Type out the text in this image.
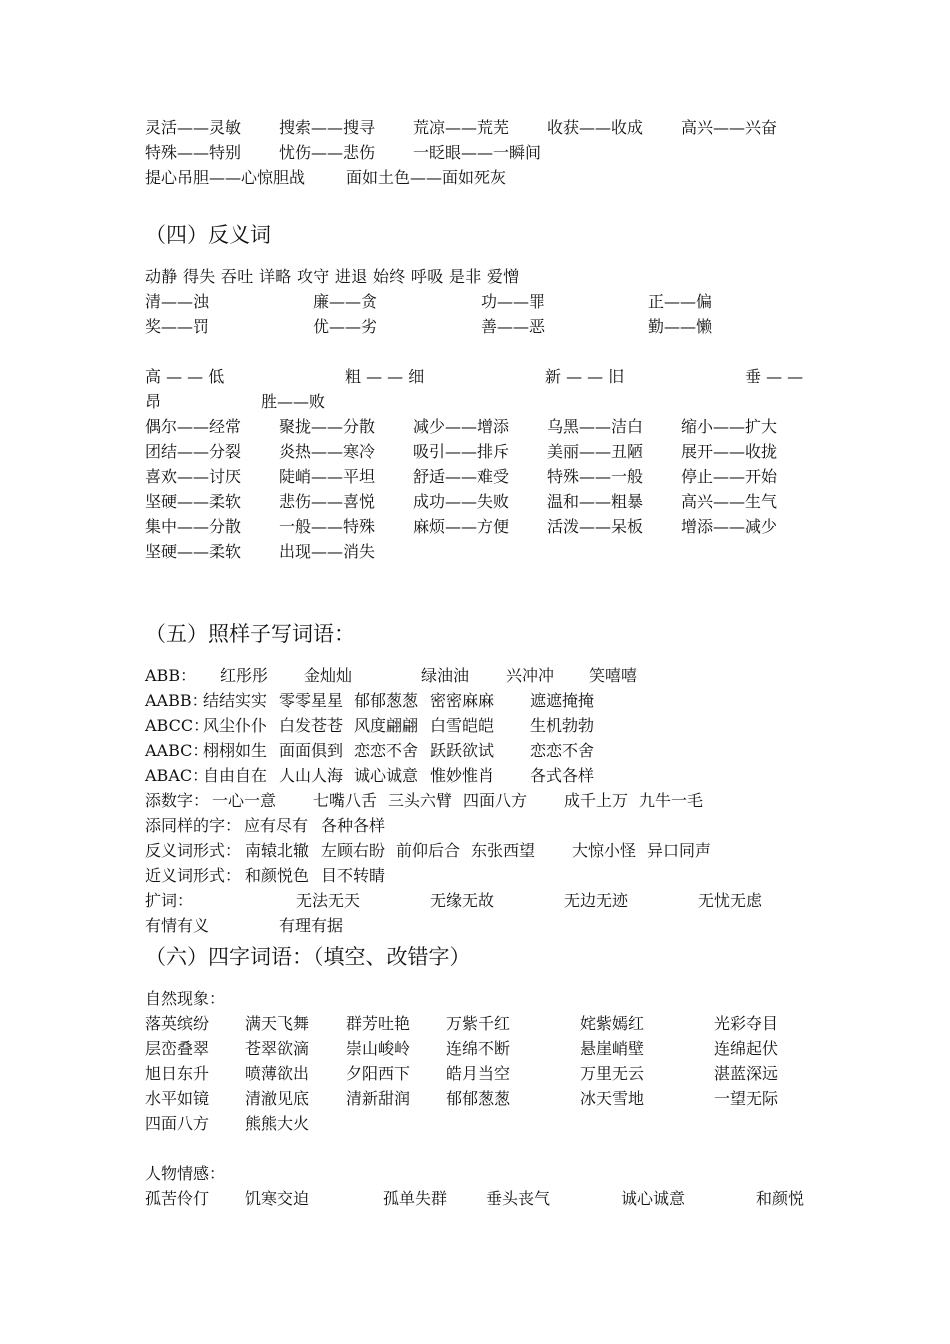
灵活——灵敏 搜索——搜寻 荒凉——荒芜 收获——收成 高兴——兴奋
特殊——特别 忧伤——悲伤 一眨眼——一瞬间
提心吊胆——心惊胆战	面如土色——面如死灰
（四）反义词
动静 得失 吞吐 详略 攻守 进退 始终 呼吸 是非 爱憎
清——浊	廉——贪	功——罪	正——偏
奖——罚	优——劣	善——恶	勤——懒
高 — — 低	粗 — — 细	新 — — 旧	垂 — —
昂	胜——败
偶尔——经常 聚拢——分散 减少——增添 乌黑——洁白 缩小——扩大
团结——分裂 炎热——寒冷 吸引——排斥 美丽——丑陋 展开——收拢
喜欢——讨厌 陡峭——平坦 舒适——难受 特殊——一般 停止——开始
坚硬——柔软 悲伤——喜悦 成功——失败 温和——粗暴 高兴——生气
集中——分散 一般——特殊 麻烦——方便 活泼——呆板 增添——减少
坚硬——柔软 出现——消失
（五）照样子写词语：
ABB： 红彤彤 金灿灿	绿油油 兴冲冲 笑嘻嘻
AABB：
结结实实 零零星星 郁郁葱葱 密密麻麻 遮遮掩掩
ABCC：
风尘仆仆 白发苍苍 风度翩翩 白雪皑皑 生机勃勃
AABC：
栩栩如生 面面俱到 恋恋不舍 跃跃欲试 恋恋不舍
ABAC：
自由自在 人山人海 诚心诚意 惟妙惟肖 各式各样
添数字： 一心一意 七嘴八舌 三头六臂 四面八方 成千上万 九牛一毛
添同样的字： 应有尽有 各种各样
反义词形式： 南辕北辙 左顾右盼 前仰后合 东张西望 大惊小怪 异口同声
近义词形式： 和颜悦色 目不转睛
扩词：	无法无天	无缘无故	无边无迹	无忧无虑
有情有义	有理有据
（六）四字词语：（填空、改错字）
自然现象：
落英缤纷 满天飞舞 群芳吐艳 万紫千红	姹紫嫣红	光彩夺目
层峦叠翠 苍翠欲滴 崇山峻岭 连绵不断	悬崖峭壁	连绵起伏
旭日东升 喷薄欲出 夕阳西下 皓月当空	万里无云	湛蓝深远
水平如镜 清澈见底 清新甜润 郁郁葱葱	冰天雪地	一望无际
四面八方 熊熊大火
人物情感：
孤苦伶仃 饥寒交迫	孤单失群 垂头丧气	诚心诚意	和颜悦
